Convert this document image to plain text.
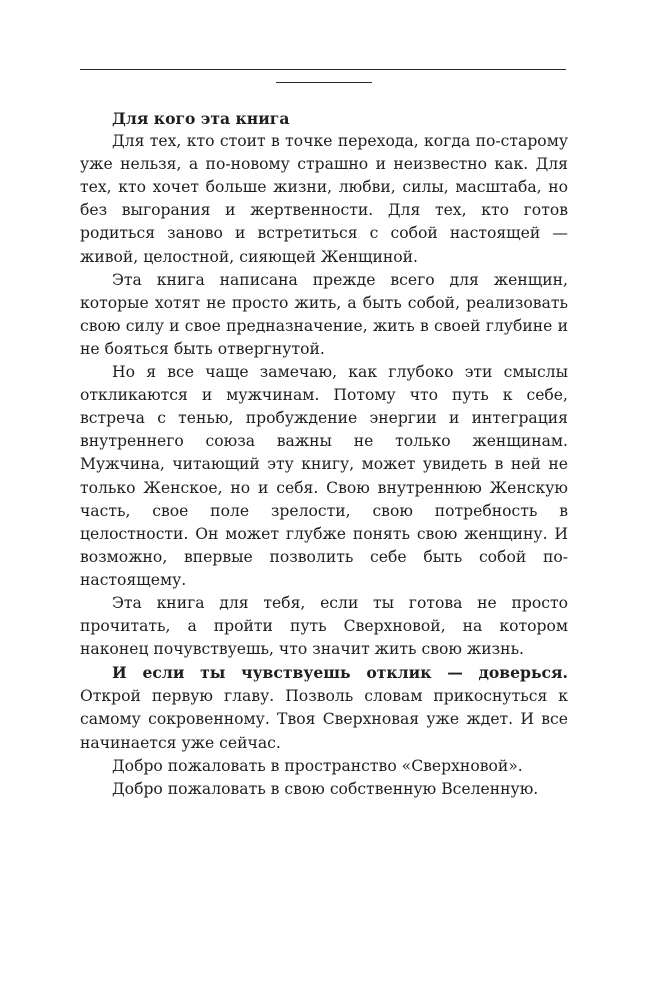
Для кого эта книга

Для тех, кто стоит в точке перехода, когда по-старому уже нельзя, а по-новому страшно и неизвестно как. Для тех, кто хочет больше жизни, любви, силы, масштаба, но без выгорания и жертвенности. Для тех, кто готов родиться заново и встретиться с собой настоящей — живой, целостной, сияющей Женщиной.

Эта книга написана прежде всего для женщин, которые хотят не просто жить, а быть собой, реализовать свою силу и свое предназначение, жить в своей глубине и не бояться быть отвергнутой.

Но я все чаще замечаю, как глубоко эти смыслы откликаются и мужчинам. Потому что путь к себе, встреча с тенью, пробуждение энергии и интеграция внутреннего союза важны не только женщинам. Мужчина, читающий эту книгу, может увидеть в ней не только Женское, но и себя. Свою внутреннюю Женскую часть, свое поле зрелости, свою потребность в целостности. Он может глубже понять свою женщину. И возможно, впервые позволить себе быть собой по-настоящему.

Эта книга для тебя, если ты готова не просто прочитать, а пройти путь Сверхновой, на котором наконец почувствуешь, что значит жить свою жизнь.

И если ты чувствуешь отклик — доверься. Открой первую главу. Позволь словам прикоснуться к самому сокровенному. Твоя Сверхновая уже ждет. И все начинается уже сейчас.

Добро пожаловать в пространство «Сверхновой».

Добро пожаловать в свою собственную Вселенную.
